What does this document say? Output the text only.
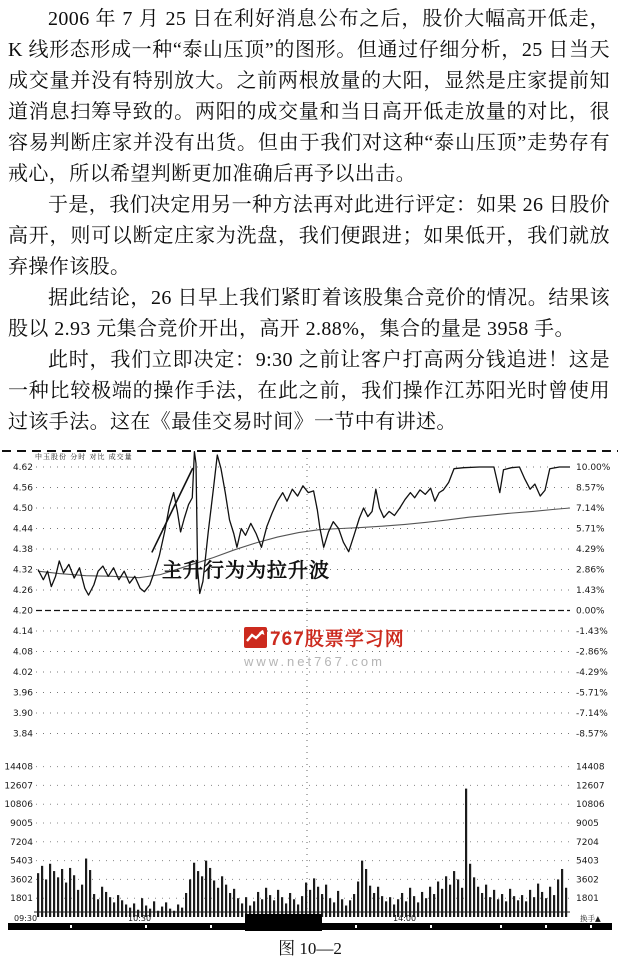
2006 年 7 月 25 日在利好消息公布之后，股价大幅高开低走，K 线形态形成一种“泰山压顶”的图形。但通过仔细分析，25 日当天成交量并没有特别放大。之前两根放量的大阳，显然是庄家提前知道消息扫筹导致的。两阳的成交量和当日高开低走放量的对比，很容易判断庄家并没有出货。但由于我们对这种“泰山压顶”走势存有戒心，所以希望判断更加准确后再予以出击。

于是，我们决定用另一种方法再对此进行评定：如果 26 日股价高开，则可以断定庄家为洗盘，我们便跟进；如果低开，我们就放弃操作该股。

据此结论，26 日早上我们紧盯着该股集合竞价的情况。结果该股以 2.93 元集合竞价开出，高开 2.88%，集合的量是 3958 手。

此时，我们立即决定：9:30 之前让客户打高两分钱追进！这是一种比较极端的操作手法，在此之前，我们操作江苏阳光时曾使用过该手法。这在《最佳交易时间》一节中有讲述。

4.62	10.00%
4.56	8.57%
4.50	7.14%
4.44	5.71%
4.38	4.29%
4.32	2.86%
4.26	1.43%
4.20	0.00%
4.14	-1.43%
4.08	-2.86%
4.02	-4.29%
3.96	-5.71%
3.90	-7.14%
3.84	-8.57%
14408	14408
12607	12607
10806	10806
9005	9005
7204	7204
5403	5403
3602	3602
1801	1801
09:30	10:30	14:00	换手▲
中玉股份 分时 对比 成交量
主升行为为拉升波
767股票学习网
www.net767.com
图 10—2
